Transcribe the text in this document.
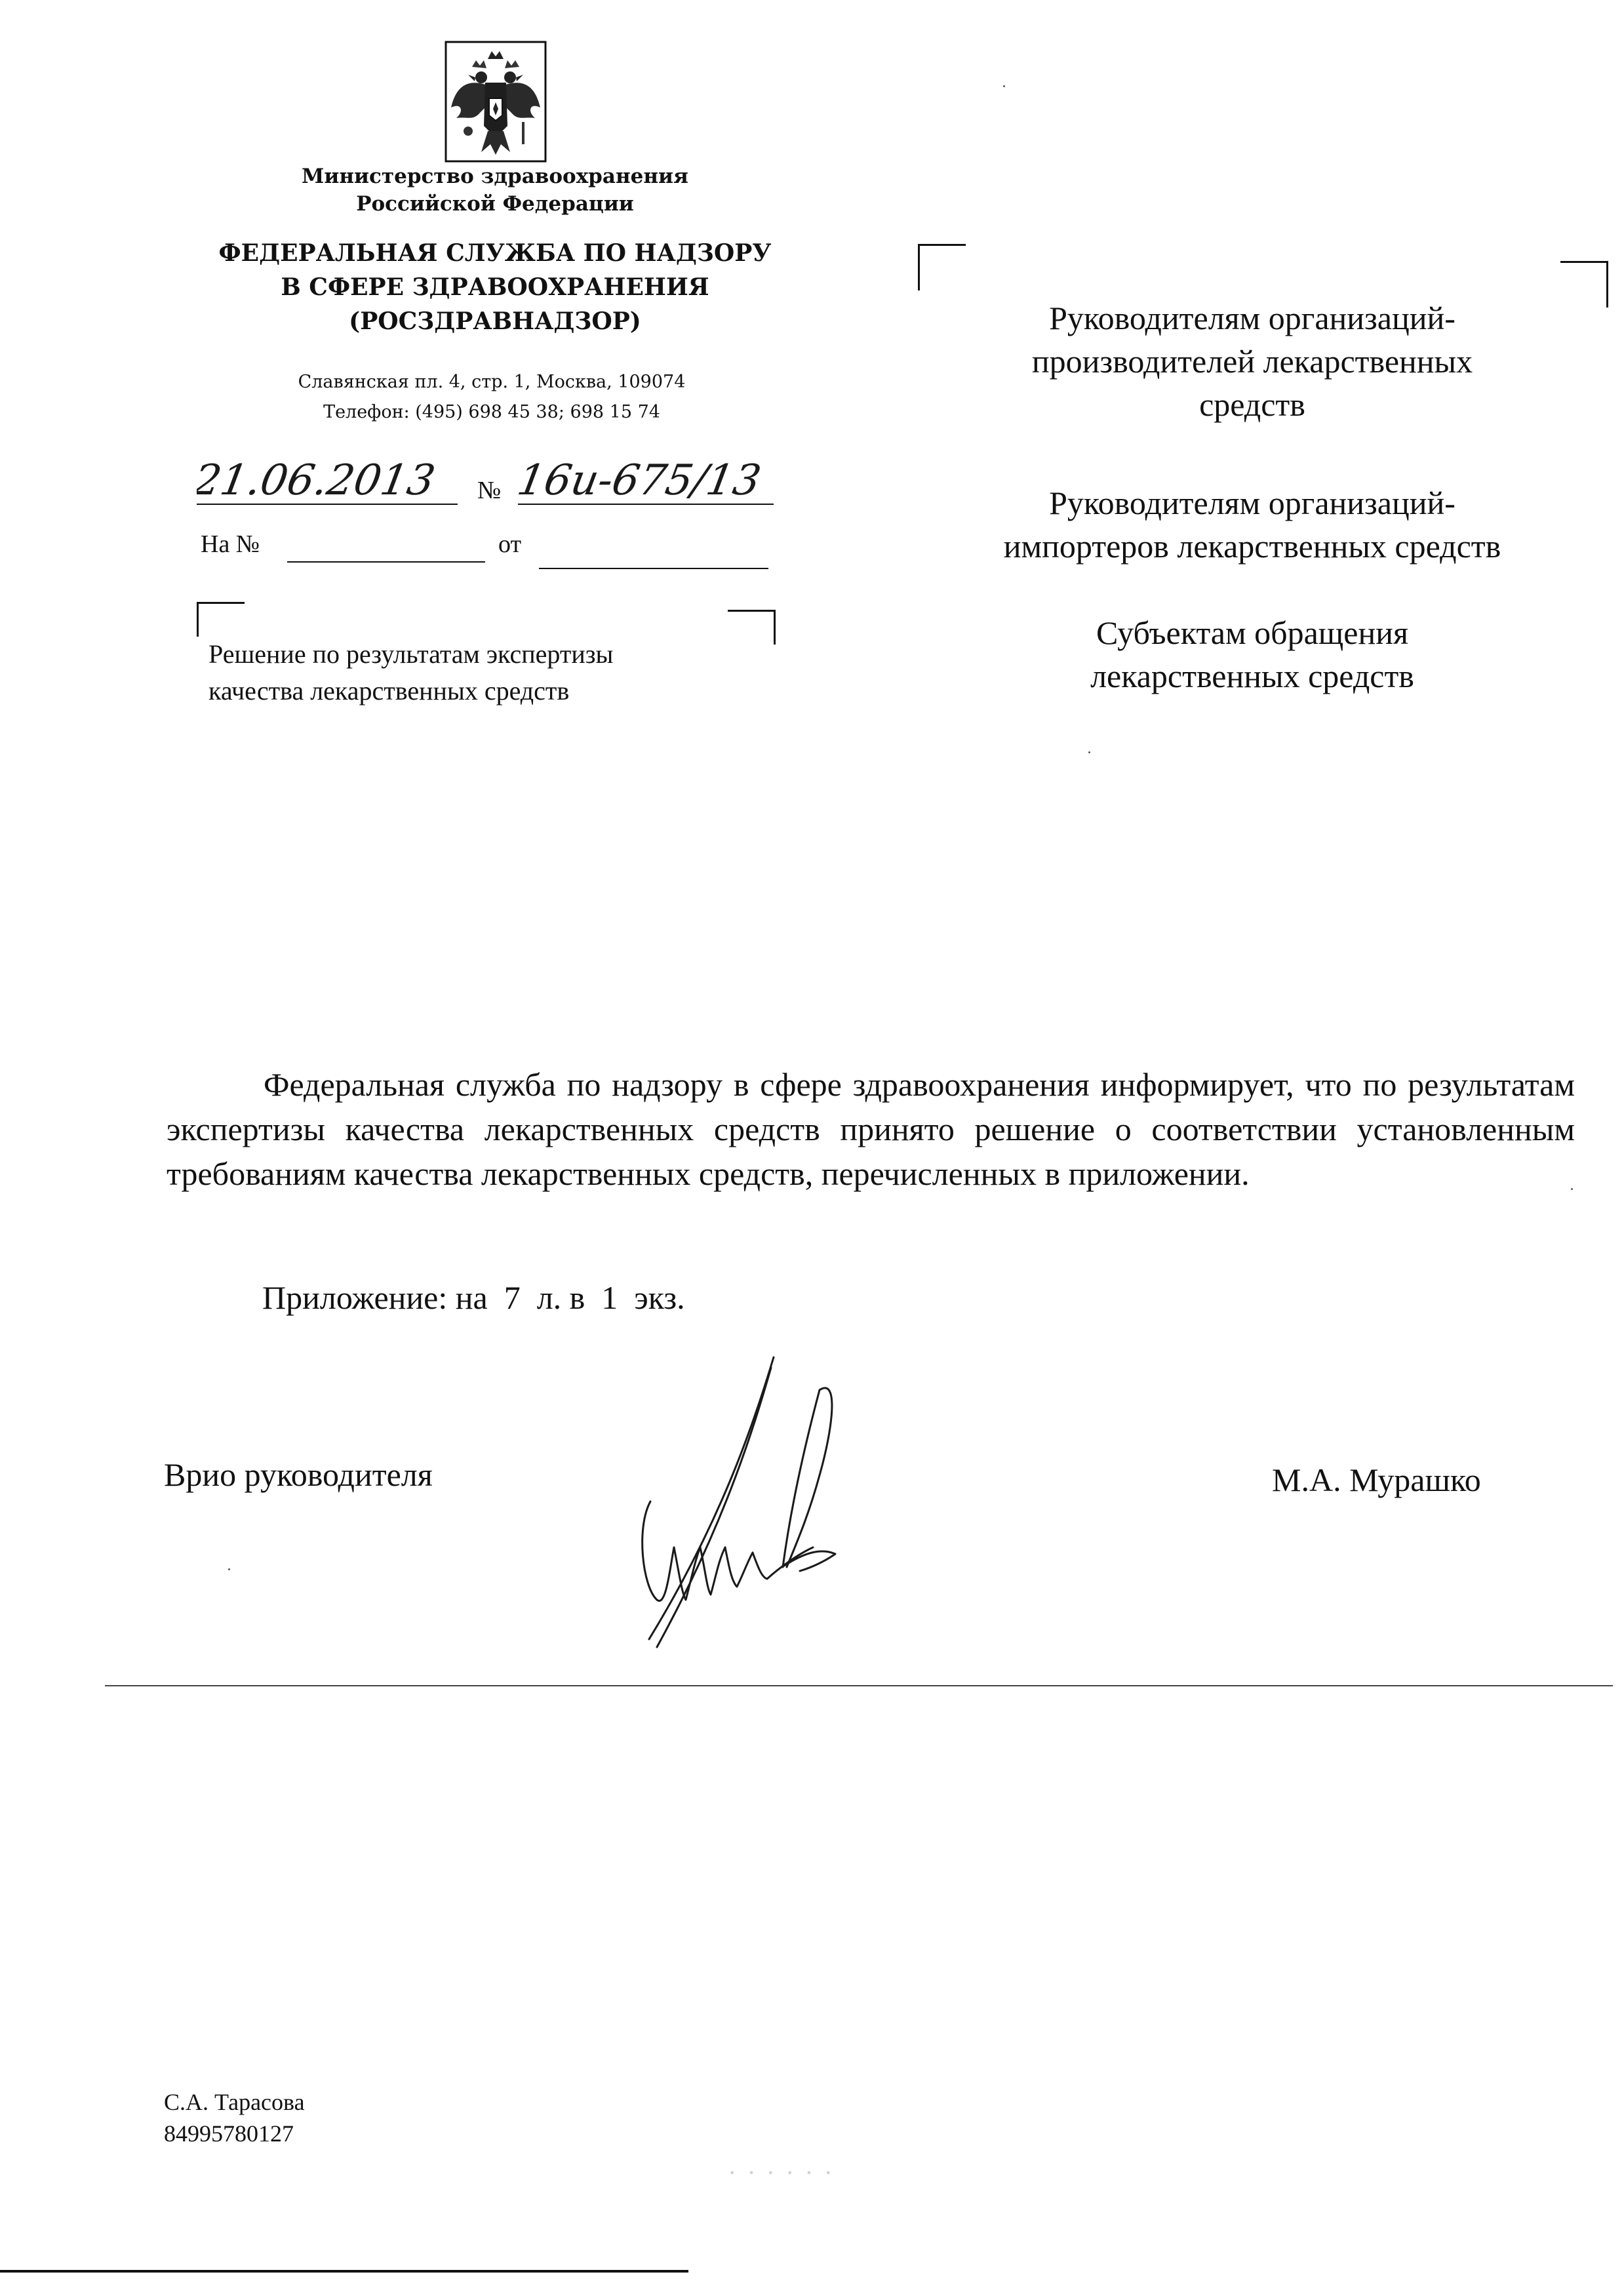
Министерство здравоохранения
Российской Федерации
ФЕДЕРАЛЬНАЯ СЛУЖБА ПО НАДЗОРУ
В СФЕРЕ ЗДРАВООХРАНЕНИЯ
(РОСЗДРАВНАДЗОР)
Славянская пл. 4, стр. 1, Москва, 109074
Телефон: (495) 698 45 38; 698 15 74
21.06.2013 № 16и-675/13
На №	от
Решение по результатам экспертизы
качества лекарственных средств
Руководителям организаций-
производителей лекарственных
средств
Руководителям организаций-
импортеров лекарственных средств
Субъектам обращения
лекарственных средств
Федеральная служба по надзору в сфере здравоохранения информирует, что по результатам экспертизы качества лекарственных средств принято решение о соответствии установленным требованиям качества лекарственных средств, перечисленных в приложении.
Приложение: на  7  л. в  1  экз.
Врио руководителя	М.А. Мурашко
С.А. Тарасова
84995780127
· · · · · ·
